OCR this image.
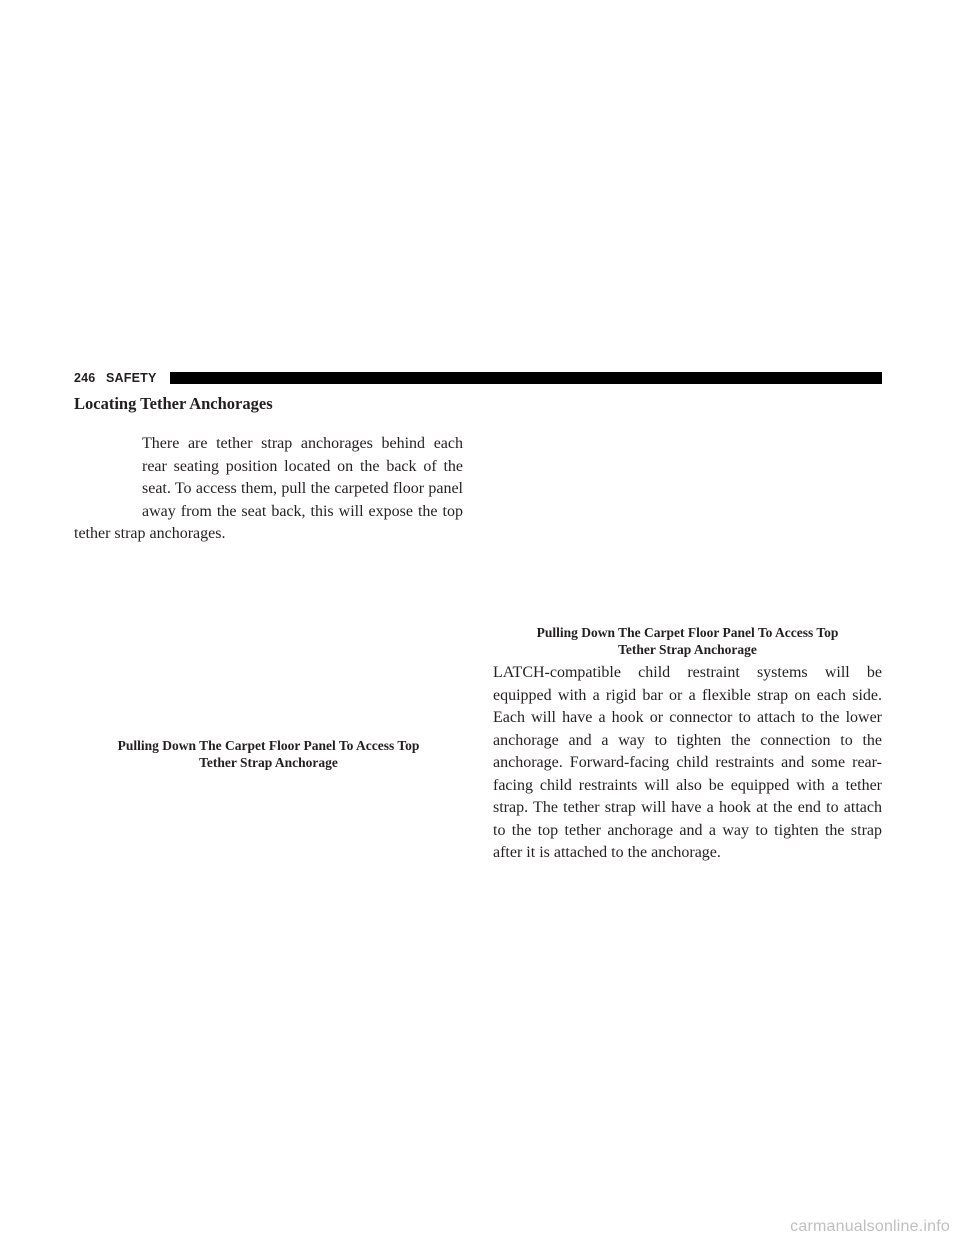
246 SAFETY
Locating Tether Anchorages

There are tether strap anchorages behind each
rear seating position located on the back of the
seat. To access them, pull the carpeted floor panel
away from the seat back, this will expose the top
tether strap anchorages.

Pulling Down The Carpet Floor Panel To Access Top
Tether Strap Anchorage

Pulling Down The Carpet Floor Panel To Access Top
Tether Strap Anchorage

LATCH-compatible child restraint systems will be
equipped with a rigid bar or a flexible strap on each side.
Each will have a hook or connector to attach to the lower
anchorage and a way to tighten the connection to the
anchorage. Forward-facing child restraints and some rear-
facing child restraints will also be equipped with a tether
strap. The tether strap will have a hook at the end to attach
to the top tether anchorage and a way to tighten the strap
after it is attached to the anchorage.

carmanualsonline.info
